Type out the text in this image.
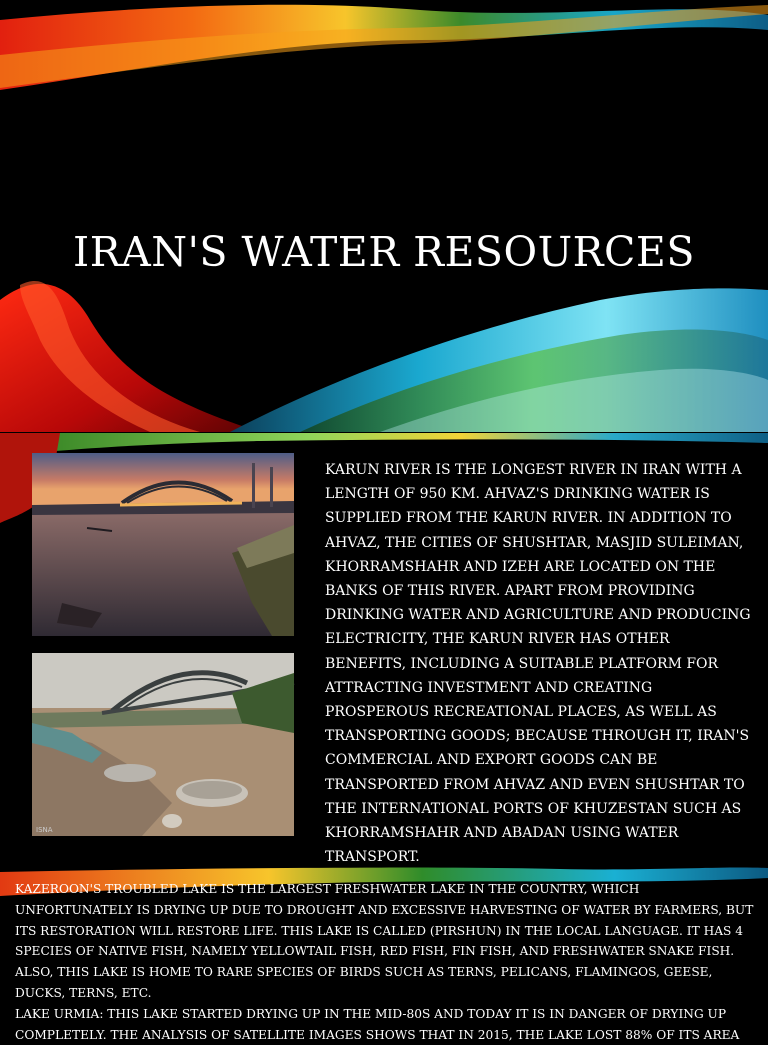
IRAN'S WATER RESOURCES
ISNA
KARUN RIVER IS THE LONGEST RIVER IN IRAN WITH A LENGTH OF 950 KM. AHVAZ'S DRINKING WATER IS SUPPLIED FROM THE KARUN RIVER. IN ADDITION TO AHVAZ, THE CITIES OF SHUSHTAR, MASJID SULEIMAN, KHORRAMSHAHR AND IZEH ARE LOCATED ON THE BANKS OF THIS RIVER. APART FROM PROVIDING DRINKING WATER AND AGRICULTURE AND PRODUCING ELECTRICITY, THE KARUN RIVER HAS OTHER BENEFITS, INCLUDING A SUITABLE PLATFORM FOR ATTRACTING INVESTMENT AND CREATING PROSPEROUS RECREATIONAL PLACES, AS WELL AS TRANSPORTING GOODS; BECAUSE THROUGH IT, IRAN'S COMMERCIAL AND EXPORT GOODS CAN BE TRANSPORTED FROM AHVAZ AND EVEN SHUSHTAR TO THE INTERNATIONAL PORTS OF KHUZESTAN SUCH AS KHORRAMSHAHR AND ABADAN USING WATER TRANSPORT.

KAZEROON'S TROUBLED LAKE IS THE LARGEST FRESHWATER LAKE IN THE COUNTRY, WHICH UNFORTUNATELY IS DRYING UP DUE TO DROUGHT AND EXCESSIVE HARVESTING OF WATER BY FARMERS, BUT ITS RESTORATION WILL RESTORE LIFE. THIS LAKE IS CALLED (PIRSHUN) IN THE LOCAL LANGUAGE. IT HAS 4 SPECIES OF NATIVE FISH, NAMELY YELLOWTAIL FISH, RED FISH, FIN FISH, AND FRESHWATER SNAKE FISH. ALSO, THIS LAKE IS HOME TO RARE SPECIES OF BIRDS SUCH AS TERNS, PELICANS, FLAMINGOS, GEESE, DUCKS, TERNS, ETC.

LAKE URMIA: THIS LAKE STARTED DRYING UP IN THE MID-80S AND TODAY IT IS IN DANGER OF DRYING UP COMPLETELY. THE ANALYSIS OF SATELLITE IMAGES SHOWS THAT IN 2015, THE LAKE LOST 88% OF ITS AREA
